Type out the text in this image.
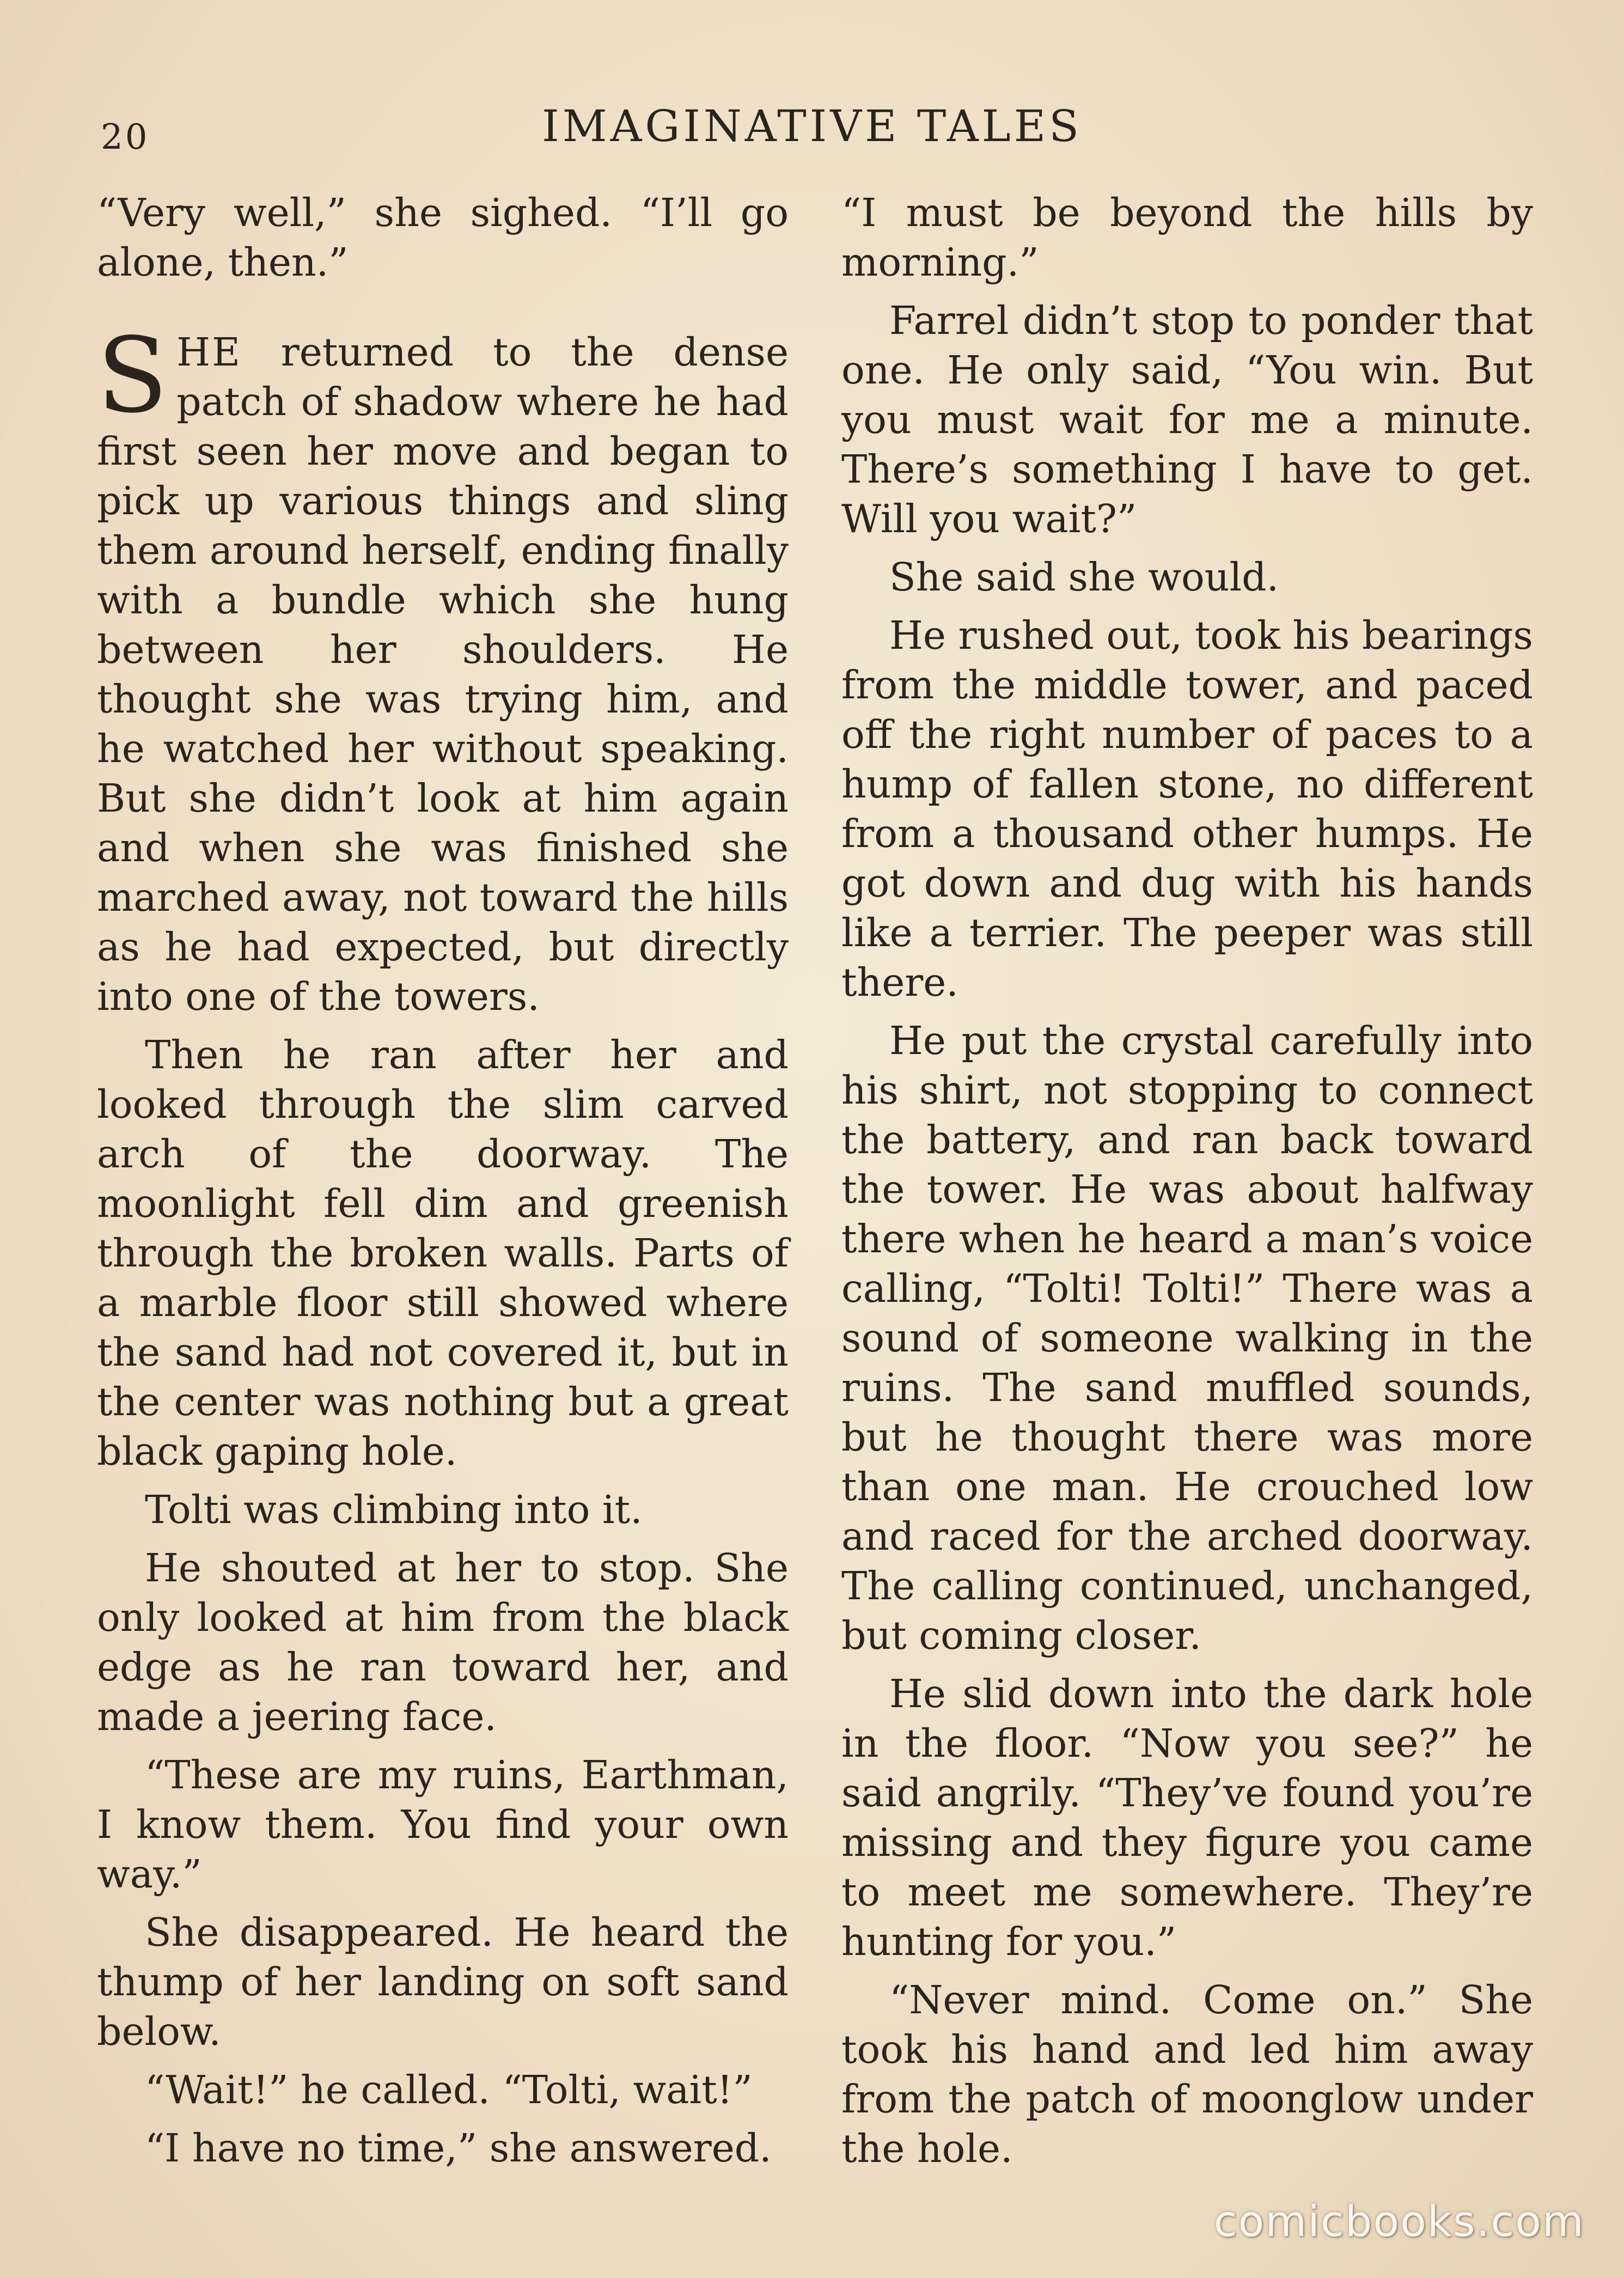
20	IMAGINATIVE TALES

“Very well,” she sighed. “I’ll go alone, then.”

SHE returned to the dense patch of shadow where he had first seen her move and began to pick up various things and sling them around herself, ending finally with a bundle which she hung between her shoulders. He thought she was trying him, and he watched her without speaking. But she didn’t look at him again and when she was finished she marched away, not toward the hills as he had expected, but directly into one of the towers.

Then he ran after her and looked through the slim carved arch of the doorway. The moonlight fell dim and greenish through the broken walls. Parts of a marble floor still showed where the sand had not covered it, but in the center was nothing but a great black gaping hole.

Tolti was climbing into it.

He shouted at her to stop. She only looked at him from the black edge as he ran toward her, and made a jeering face.

“These are my ruins, Earthman, I know them. You find your own way.”

She disappeared. He heard the thump of her landing on soft sand below.

“Wait!” he called. “Tolti, wait!”

“I have no time,” she answered.

“I must be beyond the hills by morning.”

Farrel didn’t stop to ponder that one. He only said, “You win. But you must wait for me a minute. There’s something I have to get. Will you wait?”

She said she would.

He rushed out, took his bearings from the middle tower, and paced off the right number of paces to a hump of fallen stone, no different from a thousand other humps. He got down and dug with his hands like a terrier. The peeper was still there.

He put the crystal carefully into his shirt, not stopping to connect the battery, and ran back toward the tower. He was about halfway there when he heard a man’s voice calling, “Tolti! Tolti!” There was a sound of someone walking in the ruins. The sand muffled sounds, but he thought there was more than one man. He crouched low and raced for the arched doorway. The calling continued, unchanged, but coming closer.

He slid down into the dark hole in the floor. “Now you see?” he said angrily. “They’ve found you’re missing and they figure you came to meet me somewhere. They’re hunting for you.”

“Never mind. Come on.” She took his hand and led him away from the patch of moonglow under the hole.

comicbooks.com
